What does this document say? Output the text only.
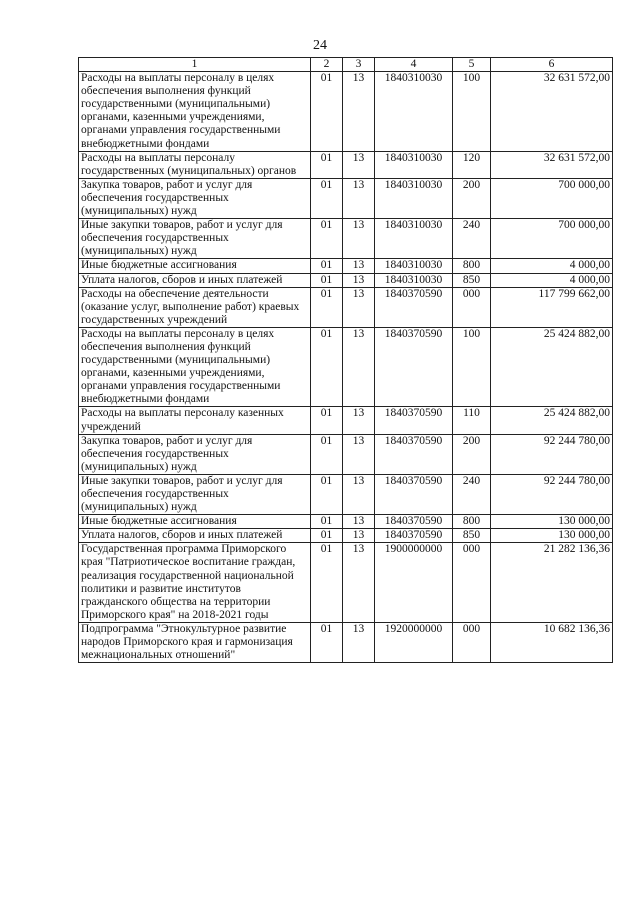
24
1	2	3	4	5	6
Расходы на выплаты персоналу в целях обеспечения выполнения функций государственными (муниципальными) органами, казенными учреждениями, органами управления государственными внебюджетными фондами	01	13	1840310030	100	32 631 572,00
Расходы на выплаты персоналу государственных (муниципальных) органов	01	13	1840310030	120	32 631 572,00
Закупка товаров, работ и услуг для обеспечения государственных (муниципальных) нужд	01	13	1840310030	200	700 000,00
Иные закупки товаров, работ и услуг для обеспечения государственных (муниципальных) нужд	01	13	1840310030	240	700 000,00
Иные бюджетные ассигнования	01	13	1840310030	800	4 000,00
Уплата налогов, сборов и иных платежей	01	13	1840310030	850	4 000,00
Расходы на обеспечение деятельности (оказание услуг, выполнение работ) краевых государственных учреждений	01	13	1840370590	000	117 799 662,00
Расходы на выплаты персоналу в целях обеспечения выполнения функций государственными (муниципальными) органами, казенными учреждениями, органами управления государственными внебюджетными фондами	01	13	1840370590	100	25 424 882,00
Расходы на выплаты персоналу казенных учреждений	01	13	1840370590	110	25 424 882,00
Закупка товаров, работ и услуг для обеспечения государственных (муниципальных) нужд	01	13	1840370590	200	92 244 780,00
Иные закупки товаров, работ и услуг для обеспечения государственных (муниципальных) нужд	01	13	1840370590	240	92 244 780,00
Иные бюджетные ассигнования	01	13	1840370590	800	130 000,00
Уплата налогов, сборов и иных платежей	01	13	1840370590	850	130 000,00
Государственная программа Приморского края "Патриотическое воспитание граждан, реализация государственной национальной политики и развитие институтов гражданского общества на территории Приморского края" на 2018-2021 годы	01	13	1900000000	000	21 282 136,36
Подпрограмма "Этнокультурное развитие народов Приморского края и гармонизация межнациональных отношений"	01	13	1920000000	000	10 682 136,36
